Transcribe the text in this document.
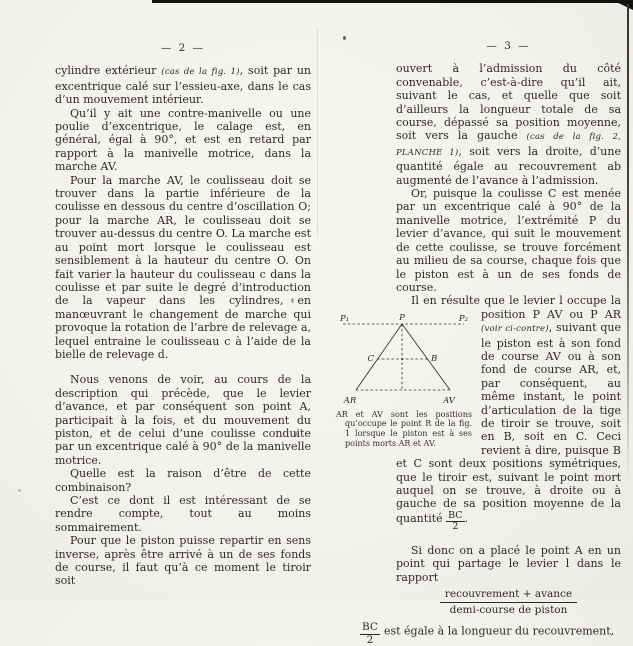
— 2 —

cylindre extérieur (cas de la fig. 1), soit par un excentrique calé sur l’essieu-axe, dans le cas d’un mouvement intérieur.

Qu’il y ait une contre-manivelle ou une poulie d’excentrique, le calage est, en général, égal à 90°, et est en retard par rapport à la manivelle motrice, dans la marche AV.

Pour la marche AV, le coulisseau doit se trouver dans la partie inférieure de la coulisse en dessous du centre d’oscillation O; pour la marche AR, le coulisseau doit se trouver au-dessus du centre O. La marche est au point mort lorsque le coulisseau est sensiblement à la hauteur du centre O. On fait varier la hauteur du coulisseau c dans la coulisse et par suite le degré d’introduction de la vapeur dans les cylindres, en manœuvrant le changement de marche qui provoque la rotation de l’arbre de relevage a, lequel entraine le coulisseau c à l’aide de la bielle de relevage d.

Nous venons de voir, au cours de la description qui précède, que le levier d’avance, et par conséquent son point A, participait à la fois, et du mouvement du piston, et de celui d’une coulisse conduite par un excentrique calé à 90° de la manivelle motrice.

Quelle est la raison d’être de cette combinaison?

C’est ce dont il est intéressant de se rendre compte, tout au moins sommairement.

Pour que le piston puisse repartir en sens inverse, après être arrivé à un de ses fonds de course, il faut qu’à ce moment le tiroir soit

— 3 —

ouvert à l’admission du côté convenable, c’est-à-dire qu’il ait, suivant le cas, et quelle que soit d’ailleurs la longueur totale de sa course, dépassé sa position moyenne, soit vers la gauche (cas de la fig. 2, PLANCHE 1), soit vers la droite, d’une quantité égale au recouvrement ab augmenté de l’avance à l’admission.

Or, puisque la coulisse C est menée par un excentrique calé à 90° de la manivelle motrice, l’extrémité P du levier d’avance, qui suit le mouvement de cette coulisse, se trouve forcément au milieu de sa course, chaque fois que le piston est à un de ses fonds de course.

Il en résulte que le levier l occupe la
P₁	P	P₂
C	B
AR	AV
AR et AV sont les positions qu’occupe le point R de la fig. 1 lorsque le piston est à ses points morts AR et AV.
position P AV ou P AR (voir ci-contre), suivant que le piston est à son fond de course AV ou à son fond de course AR, et, par conséquent, au même instant, le point d’articulation de la tige de tiroir se trouve, soit en B, soit en C. Ceci revient à dire, puisque B et C sont deux positions symétriques, que le tiroir est, suivant le point mort auquel on se trouve, à droite ou à gauche de sa position moyenne de la quantité $\frac{BC}{2}$ .

Si donc on a placé le point A en un point qui partage le levier l dans le rapport

recouvrement + avance
demi-course de piston

$\frac{BC}{2}$ est égale à la longueur du recouvrement,
